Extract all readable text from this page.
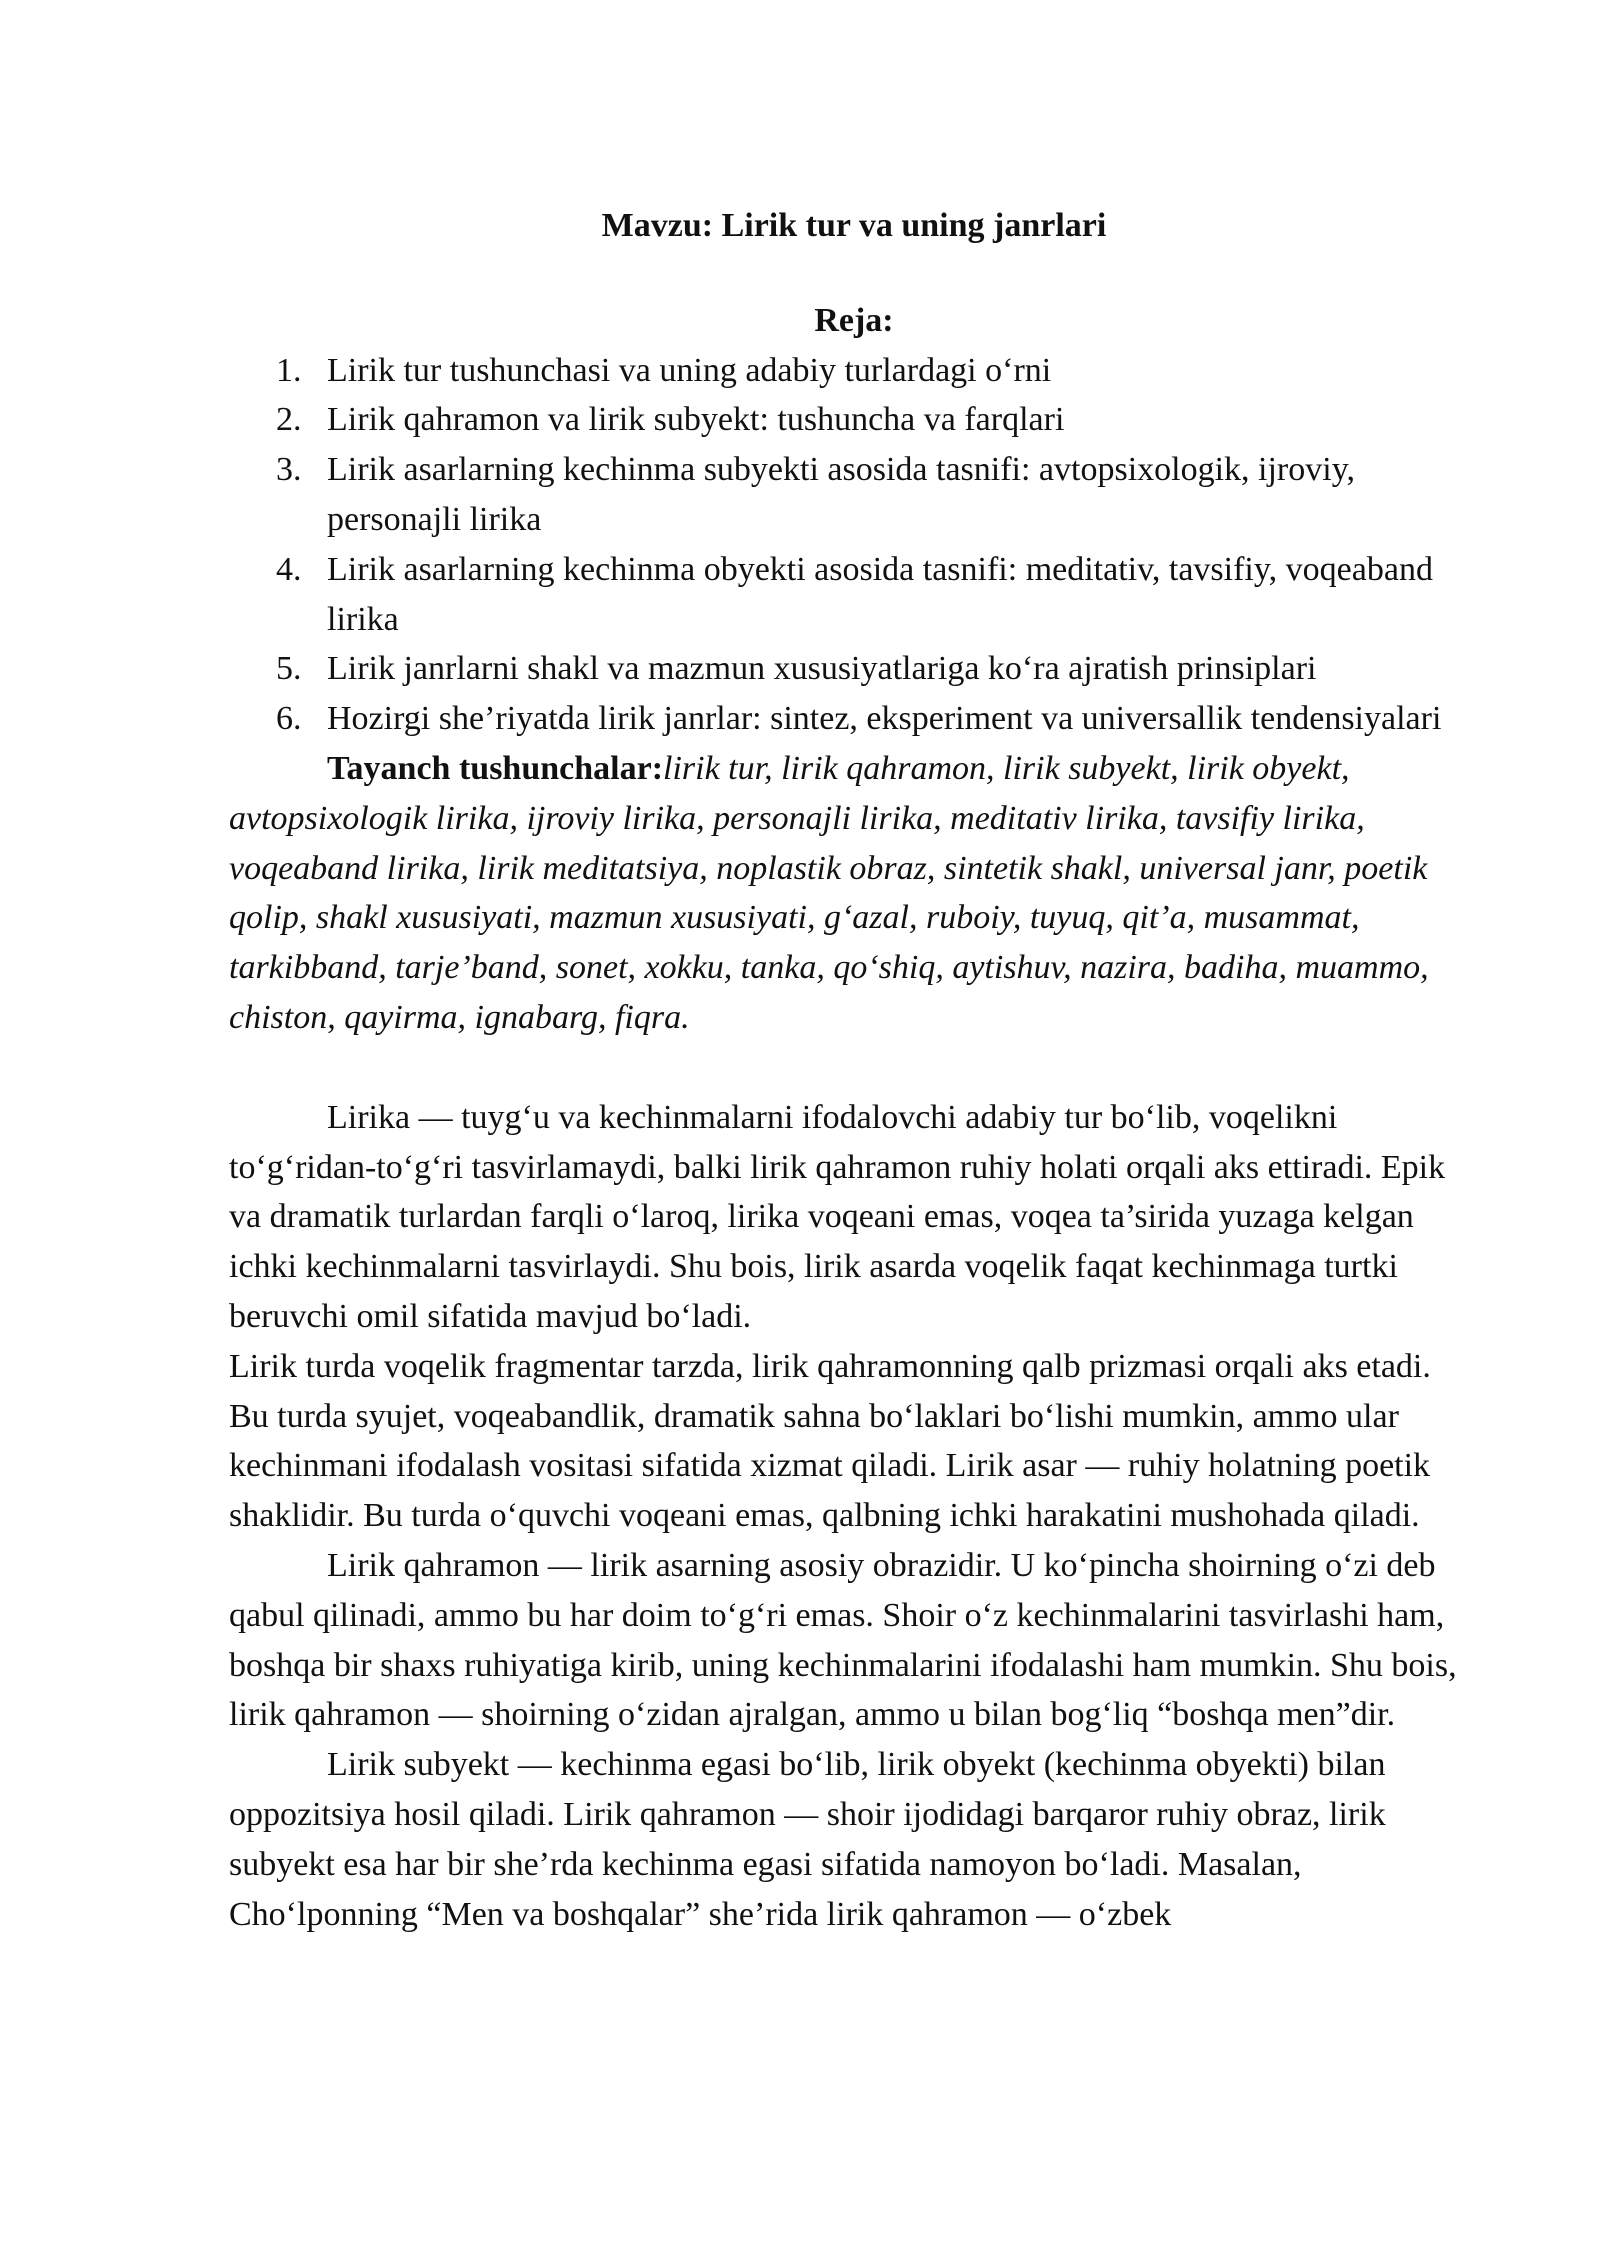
Mavzu: Lirik tur va uning janrlari

Reja:

1. Lirik tur tushunchasi va uning adabiy turlardagi o‘rni
2. Lirik qahramon va lirik subyekt: tushuncha va farqlari
3. Lirik asarlarning kechinma subyekti asosida tasnifi: avtopsixologik, ijroviy, personajli lirika
4. Lirik asarlarning kechinma obyekti asosida tasnifi: meditativ, tavsifiy, voqeaband lirika
5. Lirik janrlarni shakl va mazmun xususiyatlariga ko‘ra ajratish prinsiplari
6. Hozirgi she’riyatda lirik janrlar: sintez, eksperiment va universallik tendensiyalari

Tayanch tushunchalar:lirik tur, lirik qahramon, lirik subyekt, lirik obyekt, avtopsixologik lirika, ijroviy lirika, personajli lirika, meditativ lirika, tavsifiy lirika, voqeaband lirika, lirik meditatsiya, noplastik obraz, sintetik shakl, universal janr, poetik qolip, shakl xususiyati, mazmun xususiyati, g‘azal, ruboiy, tuyuq, qit’a, musammat, tarkibband, tarje’band, sonet, xokku, tanka, qo‘shiq, aytishuv, nazira, badiha, muammo, chiston, qayirma, ignabarg, fiqra.

Lirika — tuyg‘u va kechinmalarni ifodalovchi adabiy tur bo‘lib, voqelikni to‘g‘ridan-to‘g‘ri tasvirlamaydi, balki lirik qahramon ruhiy holati orqali aks ettiradi. Epik va dramatik turlardan farqli o‘laroq, lirika voqeani emas, voqea ta’sirida yuzaga kelgan ichki kechinmalarni tasvirlaydi. Shu bois, lirik asarda voqelik faqat kechinmaga turtki beruvchi omil sifatida mavjud bo‘ladi.

Lirik turda voqelik fragmentar tarzda, lirik qahramonning qalb prizmasi orqali aks etadi. Bu turda syujet, voqeabandlik, dramatik sahna bo‘laklari bo‘lishi mumkin, ammo ular kechinmani ifodalash vositasi sifatida xizmat qiladi. Lirik asar — ruhiy holatning poetik shaklidir. Bu turda o‘quvchi voqeani emas, qalbning ichki harakatini mushohada qiladi.

Lirik qahramon — lirik asarning asosiy obrazidir. U ko‘pincha shoirning o‘zi deb qabul qilinadi, ammo bu har doim to‘g‘ri emas. Shoir o‘z kechinmalarini tasvirlashi ham, boshqa bir shaxs ruhiyatiga kirib, uning kechinmalarini ifodalashi ham mumkin. Shu bois, lirik qahramon — shoirning o‘zidan ajralgan, ammo u bilan bog‘liq “boshqa men”dir.

Lirik subyekt — kechinma egasi bo‘lib, lirik obyekt (kechinma obyekti) bilan oppozitsiya hosil qiladi. Lirik qahramon — shoir ijodidagi barqaror ruhiy obraz, lirik subyekt esa har bir she’rda kechinma egasi sifatida namoyon bo‘ladi. Masalan, Cho‘lponning “Men va boshqalar” she’rida lirik qahramon — o‘zbek
